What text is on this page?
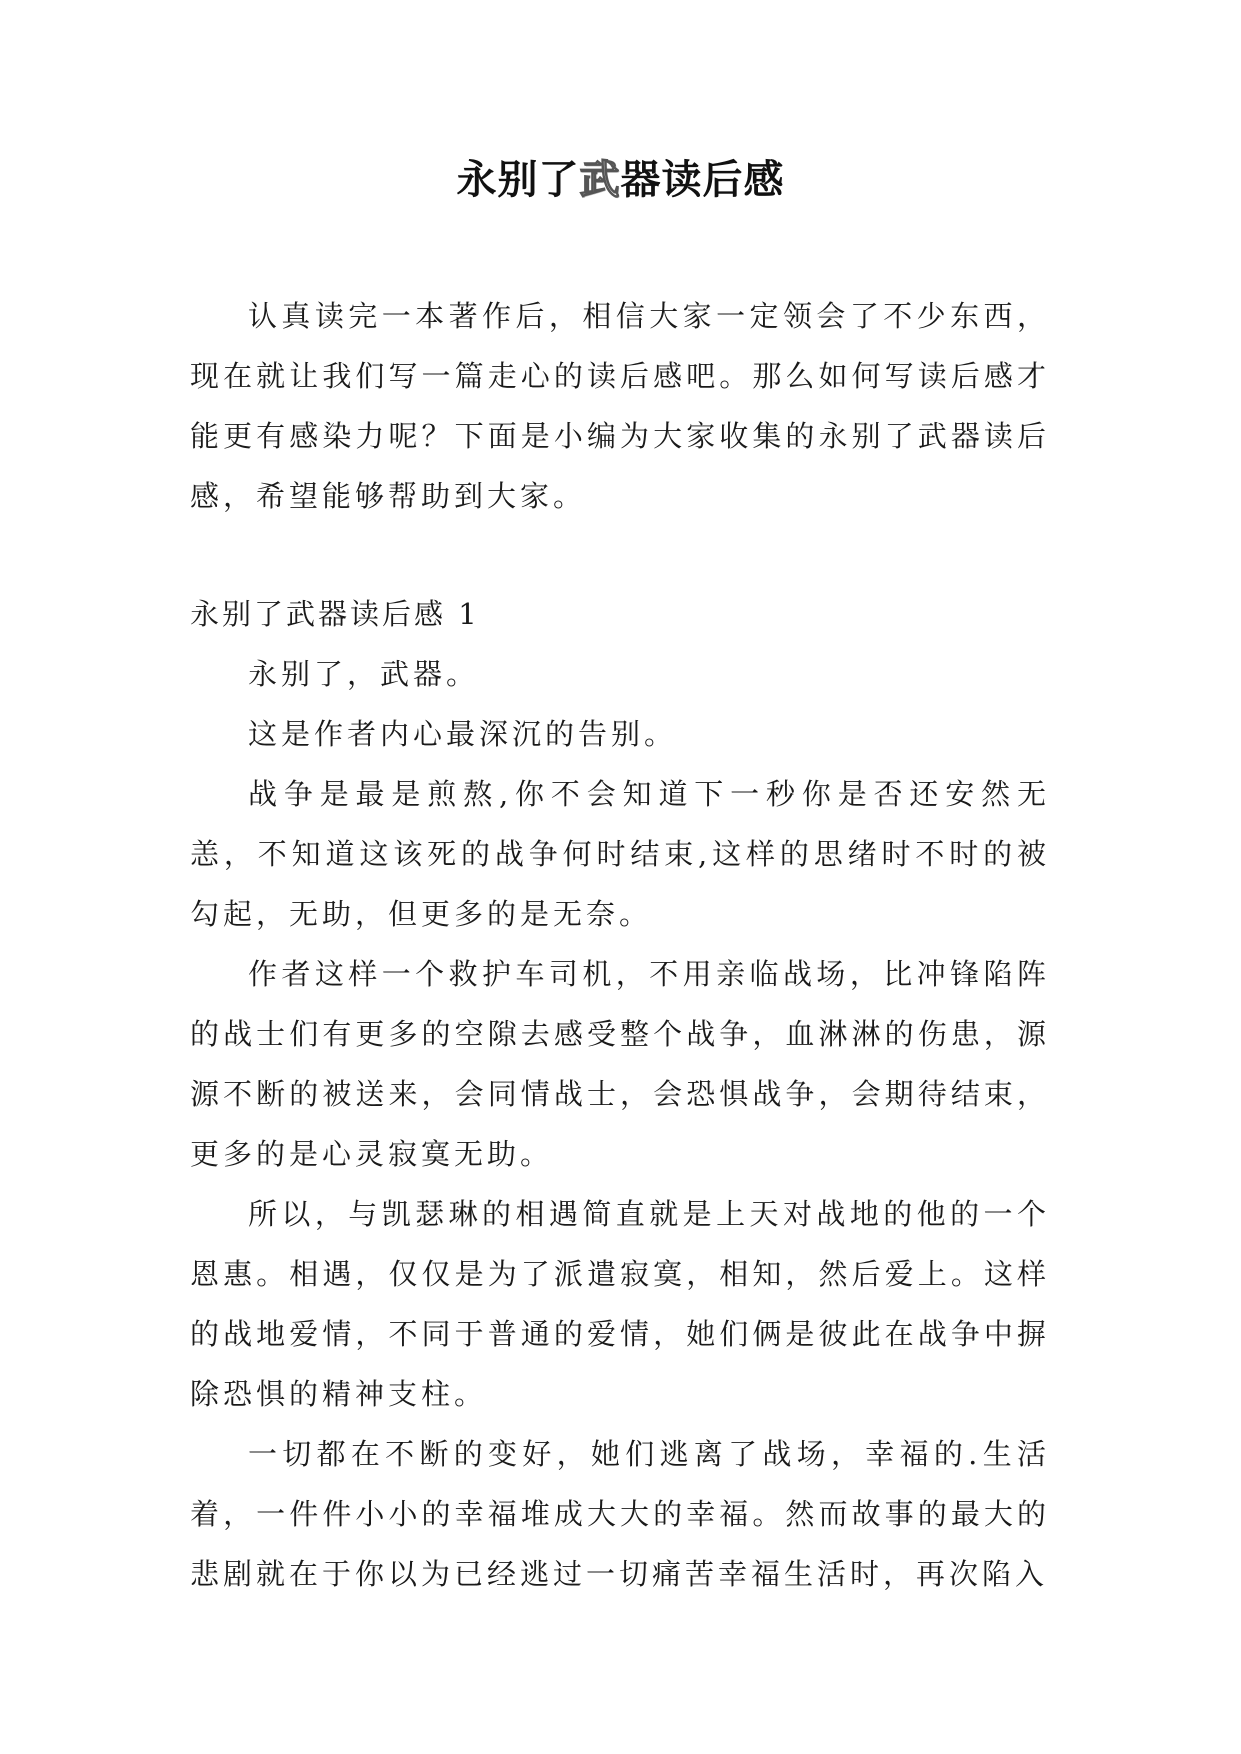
永别了武器读后感

认真读完一本著作后，相信大家一定领会了不少东西，现在就让我们写一篇走心的读后感吧。那么如何写读后感才能更有感染力呢？下面是小编为大家收集的永别了武器读后感，希望能够帮助到大家。

永别了武器读后感 1

永别了，武器。

这是作者内心最深沉的告别。

战争是最是煎熬,你不会知道下一秒你是否还安然无恙，不知道这该死的战争何时结束,这样的思绪时不时的被勾起，无助，但更多的是无奈。

作者这样一个救护车司机，不用亲临战场，比冲锋陷阵的战士们有更多的空隙去感受整个战争，血淋淋的伤患，源源不断的被送来，会同情战士，会恐惧战争，会期待结束，更多的是心灵寂寞无助。

所以，与凯瑟琳的相遇简直就是上天对战地的他的一个恩惠。相遇，仅仅是为了派遣寂寞，相知，然后爱上。这样的战地爱情，不同于普通的爱情，她们俩是彼此在战争中摒除恐惧的精神支柱。

一切都在不断的变好，她们逃离了战场，幸福的.生活着，一件件小小的幸福堆成大大的幸福。然而故事的最大的悲剧就在于你以为已经逃过一切痛苦幸福生活时，再次陷入
